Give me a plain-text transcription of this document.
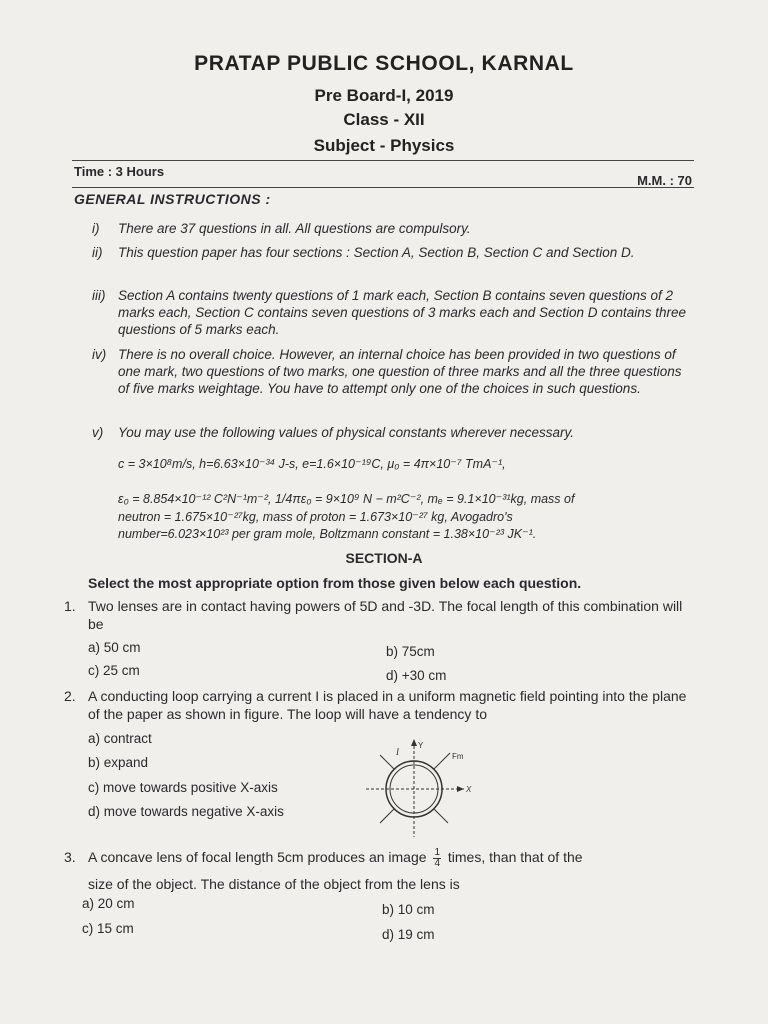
PRATAP PUBLIC SCHOOL, KARNAL
Pre Board-I, 2019
Class - XII
Subject - Physics
Time : 3 Hours
M.M. : 70
GENERAL INSTRUCTIONS :
i)	There are 37 questions in all. All questions are compulsory.
ii)	This question paper has four sections : Section A, Section B, Section C and Section D.
iii) Section A contains twenty questions of 1 mark each, Section B contains seven questions of 2 marks each, Section C contains seven questions of 3 marks each and Section D contains three questions of 5 marks each.
iv) There is no overall choice. However, an internal choice has been provided in two questions of one mark, two questions of two marks, one question of three marks and all the three questions of five marks weightage. You have to attempt only one of the choices in such questions.
v)	You may use the following values of physical constants wherever necessary.
c = 3×10⁸m/s, h=6.63×10⁻³⁴ J-s, e=1.6×10⁻¹⁹C, μ₀ = 4π×10⁻⁷ TmA⁻¹,
ε₀ = 8.854×10⁻¹² C²N⁻¹m⁻², 1/4πε₀ = 9×10⁹ N − m²C⁻², mₑ = 9.1×10⁻³¹kg, mass of
neutron = 1.675×10⁻²⁷kg, mass of proton = 1.673×10⁻²⁷ kg, Avogadro's
number=6.023×10²³ per gram mole, Boltzmann constant = 1.38×10⁻²³ JK⁻¹.
SECTION-A
Select the most appropriate option from those given below each question.
1. Two lenses are in contact having powers of 5D and -3D. The focal length of this combination will be
a) 50 cm	b) 75cm
c) 25 cm	d) +30 cm
2. A conducting loop carrying a current I is placed in a uniform magnetic field pointing into the plane of the paper as shown in figure. The loop will have a tendency to
a) contract
b) expand
c) move towards positive X-axis
d) move towards negative X-axis
I
Y
X
Fm
3. A concave lens of focal length 5cm produces an image $\frac{1}{4}$ times, than that of the
size of the object. The distance of the object from the lens is
a) 20 cm	b) 10 cm
c) 15 cm	d) 19 cm
